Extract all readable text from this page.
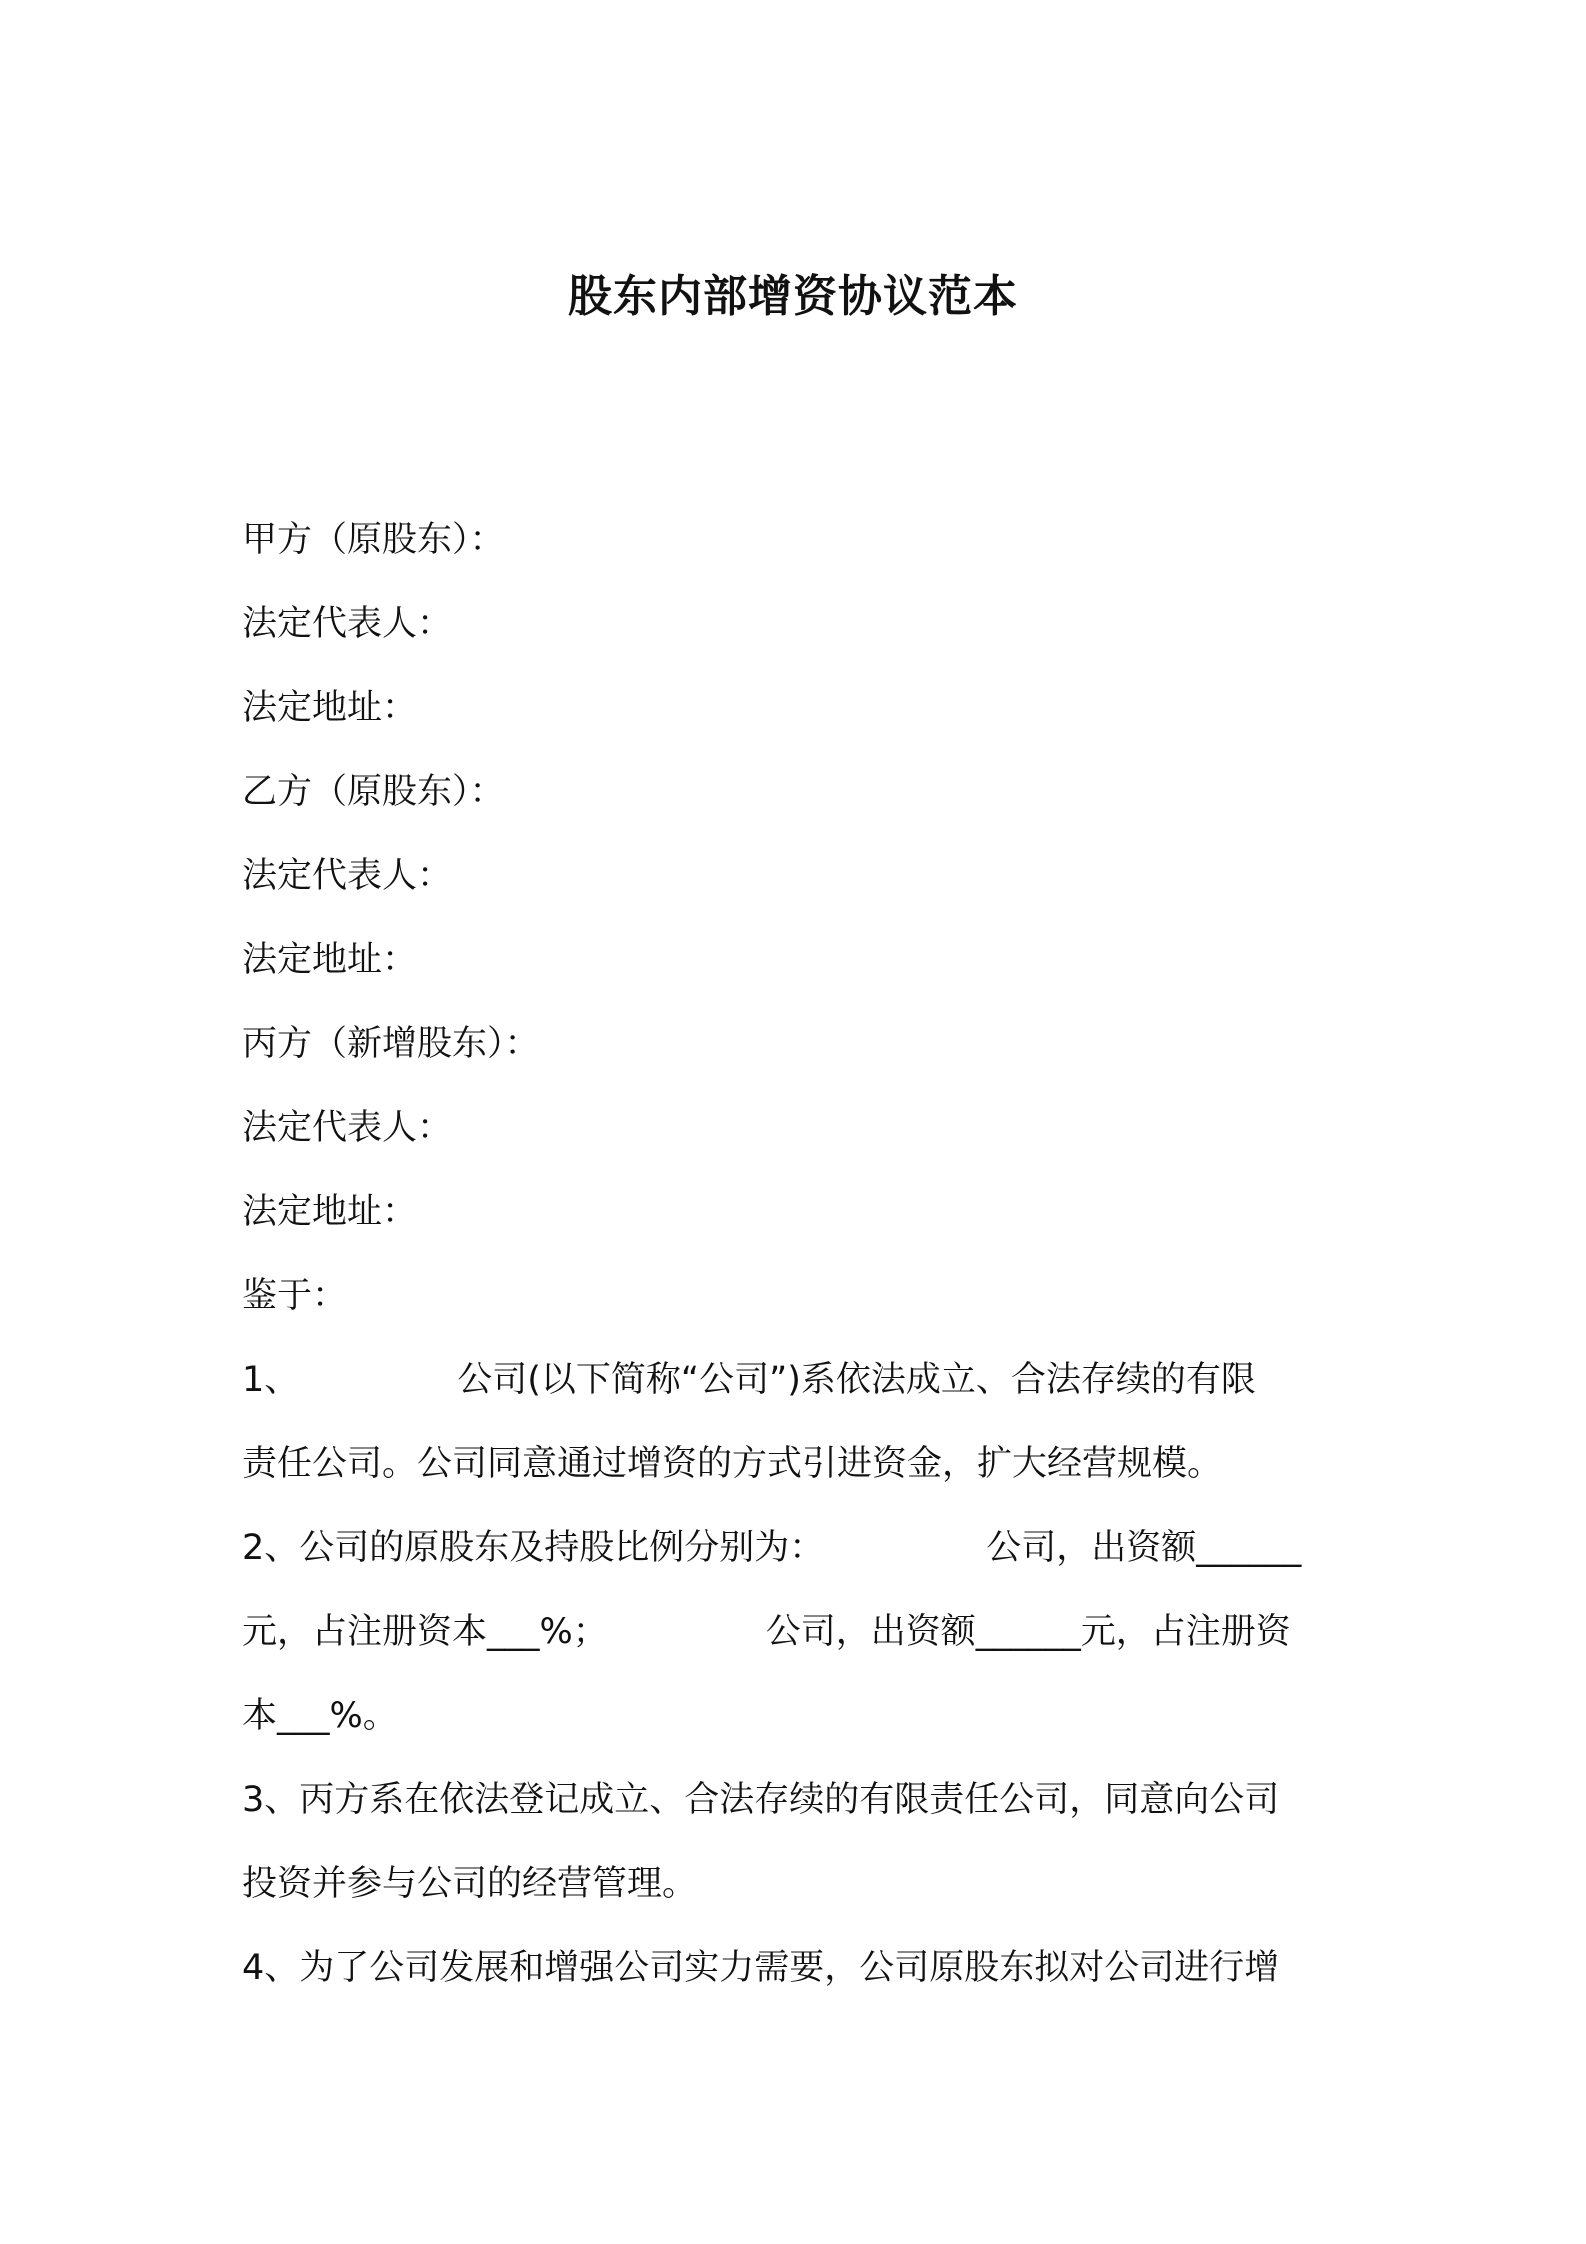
股东内部增资协议范本
甲方（原股东）：
法定代表人：
法定地址：
乙方（原股东）：
法定代表人：
法定地址：
丙方（新增股东）：
法定代表人：
法定地址：
鉴于：
1、	公司(以下简称“公司”)系依法成立、合法存续的有限
责任公司。公司同意通过增资的方式引进资金，扩大经营规模。
2、公司的原股东及持股比例分别为：	公司，出资额______
元，占注册资本___%；	公司，出资额______元，占注册资
本___%。
3、丙方系在依法登记成立、合法存续的有限责任公司，同意向公司
投资并参与公司的经营管理。
4、为了公司发展和增强公司实力需要，公司原股东拟对公司进行增
